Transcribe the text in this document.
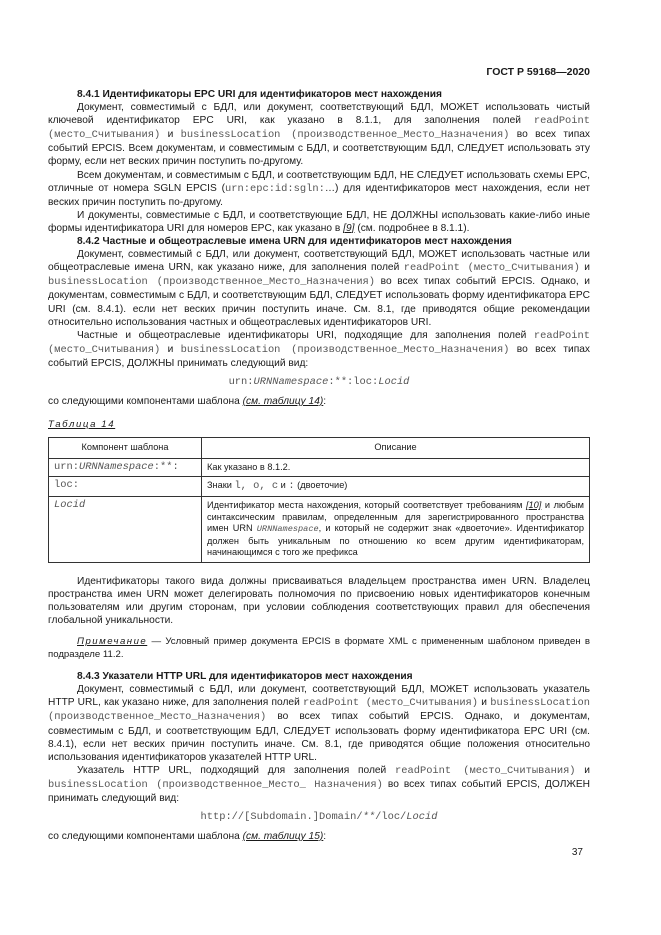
ГОСТ Р 59168—2020

8.4.1 Идентификаторы EPC URI для идентификаторов мест нахождения

Документ, совместимый с БДЛ, или документ, соответствующий БДЛ, МОЖЕТ использовать чистый ключевой идентификатор EPC URI, как указано в 8.1.1, для заполнения полей readPoint (место_Считывания) и businessLocation (производственное_Место_Назначения) во всех типах событий EPCIS. Всем документам, и совместимым с БДЛ, и соответствующим БДЛ, СЛЕДУЕТ использовать эту форму, если нет веских причин поступить по-другому.

Всем документам, и совместимым с БДЛ, и соответствующим БДЛ, НЕ СЛЕДУЕТ использовать схемы EPC, отличные от номера SGLN EPCIS (urn:epc:id:sgln:…) для идентификаторов мест нахождения, если нет веских причин поступить по-другому.

И документы, совместимые с БДЛ, и соответствующие БДЛ, НЕ ДОЛЖНЫ использовать какие-либо иные формы идентификатора URI для номеров EPC, как указано в [9] (см. подробнее в 8.1.1).

8.4.2 Частные и общеотраслевые имена URN для идентификаторов мест нахождения

Документ, совместимый с БДЛ, или документ, соответствующий БДЛ, МОЖЕТ использовать частные или общеотраслевые имена URN, как указано ниже, для заполнения полей readPoint (место_Считывания) и businessLocation (производственное_Место_Назначения) во всех типах событий EPCIS. Однако, и документам, совместимым с БДЛ, и соответствующим БДЛ, СЛЕДУЕТ использовать форму идентификатора EPC URI (см. 8.4.1). если нет веских причин поступить иначе. См. 8.1, где приводятся общие рекомендации относительно использования частных и общеотраслевых идентификаторов URI.

Частные и общеотраслевые идентификаторы URI, подходящие для заполнения полей readPoint (место_Считывания) и businessLocation (производственное_Место_Назначения) во всех типах событий EPCIS, ДОЛЖНЫ принимать следующий вид:

urn:URNNamespace:**:loc:Locid

со следующими компонентами шаблона (см. таблицу 14):

Таблица 14
Компонент шаблона	Описание
urn:URNNamespace:**:	Как указано в 8.1.2.
loc:	Знаки l, o, c и : (двоеточие)
Locid	Идентификатор места нахождения, который соответствует требованиям [10] и любым синтаксическим правилам, определенным для зарегистрированного пространства имен URN URNNamespace, и который не содержит знак «двоеточие». Идентификатор должен быть уникальным по отношению ко всем другим идентификаторам, начинающимся с того же префикса

Идентификаторы такого вида должны присваиваться владельцем пространства имен URN. Владелец пространства имен URN может делегировать полномочия по присвоению новых идентификаторов конечным пользователям или другим сторонам, при условии соблюдения соответствующих правил для обеспечения глобальной уникальности.

Примечание — Условный пример документа EPCIS в формате XML с примененным шаблоном приведен в подразделе 11.2.

8.4.3 Указатели HTTP URL для идентификаторов мест нахождения

Документ, совместимый с БДЛ, или документ, соответствующий БДЛ, МОЖЕТ использовать указатель HTTP URL, как указано ниже, для заполнения полей readPoint (место_Считывания) и businessLocation (производственное_Место_Назначения) во всех типах событий EPCIS. Однако, и документам, совместимым с БДЛ, и соответствующим БДЛ, СЛЕДУЕТ использовать форму идентификатора EPC URI (см. 8.4.1), если нет веских причин поступить иначе. См. 8.1, где приводятся общие положения относительно использования идентификаторов указателей HTTP URL.

Указатель HTTP URL, подходящий для заполнения полей readPoint (место_Считывания) и businessLocation (производственное_Место_ Назначения) во всех типах событий EPCIS, ДОЛЖЕН принимать следующий вид:

http://[Subdomain.]Domain/**/loc/Locid

со следующими компонентами шаблона (см. таблицу 15):

37
